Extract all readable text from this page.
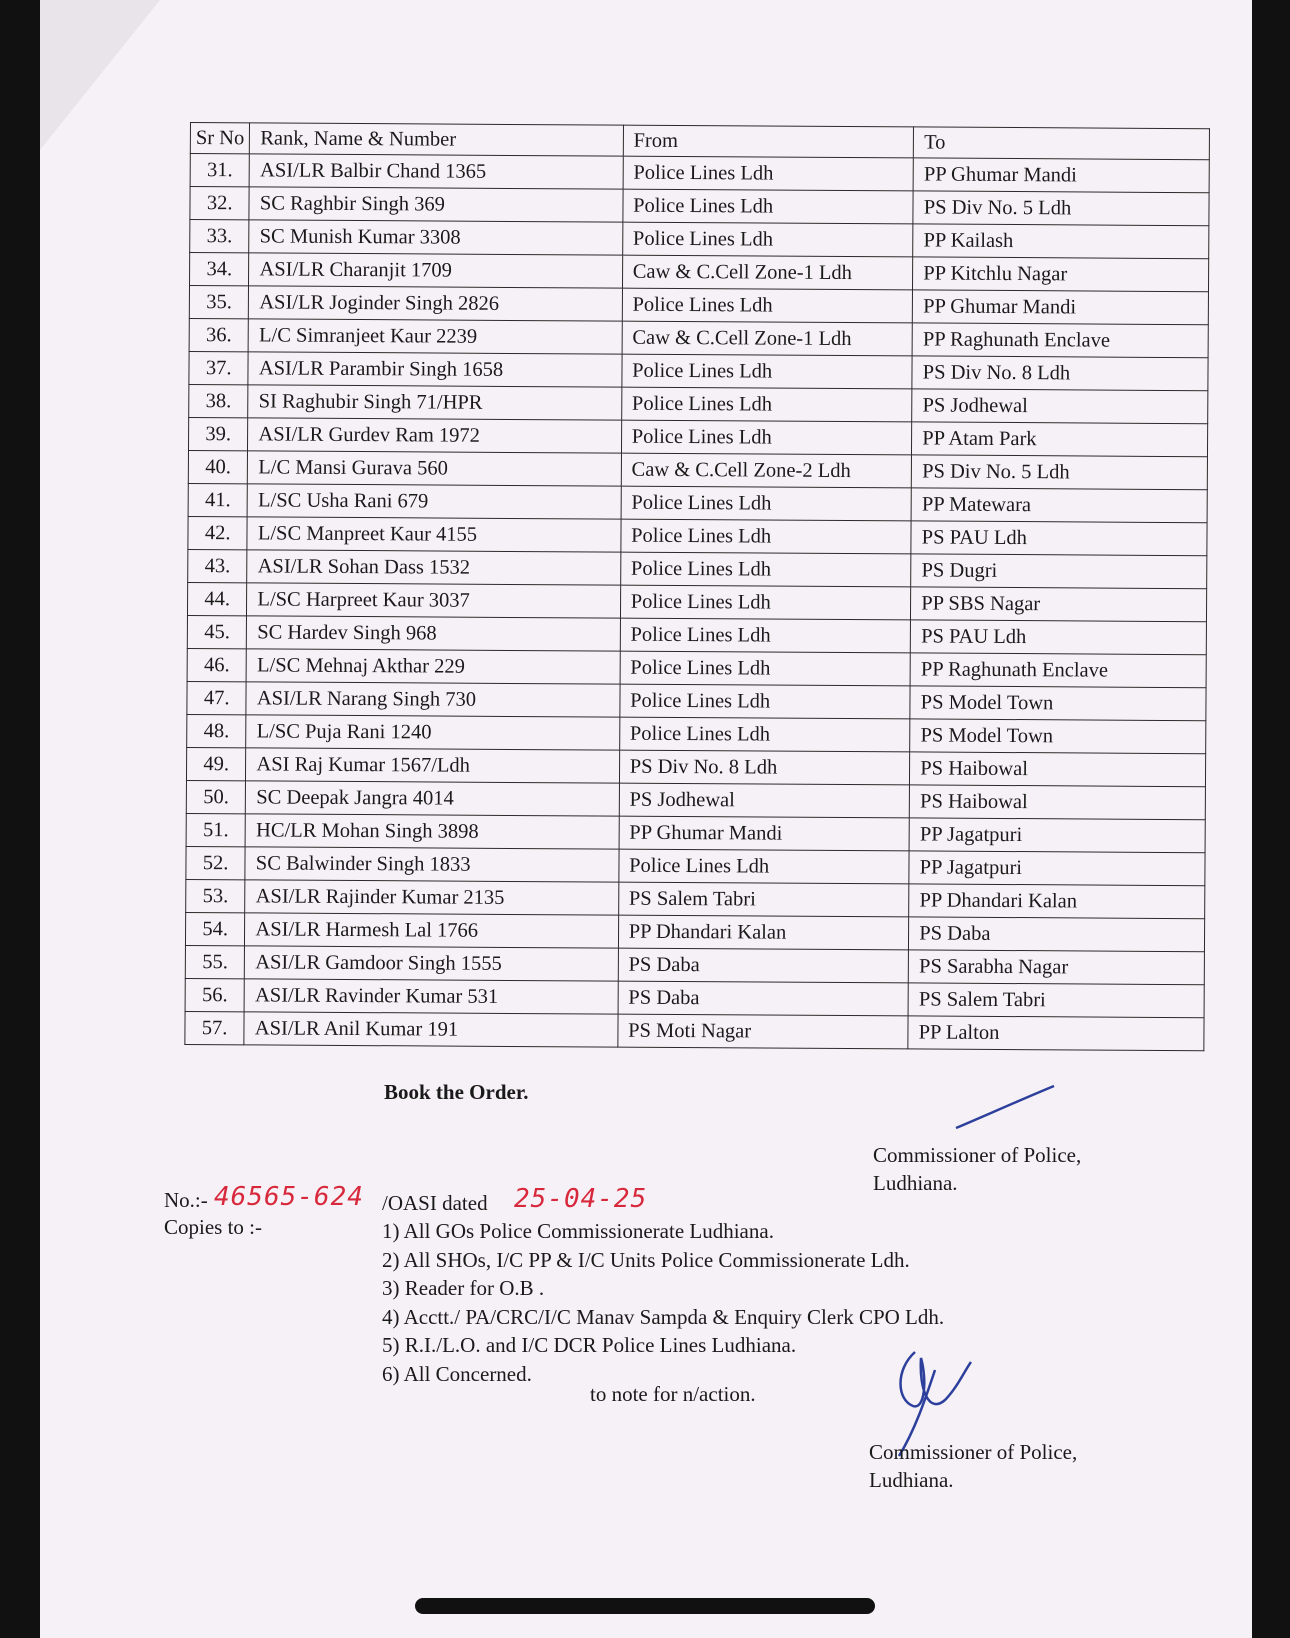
Sr No	Rank, Name & Number	From	To
31.	ASI/LR Balbir Chand 1365	Police Lines Ldh	PP Ghumar Mandi
32.	SC Raghbir Singh 369	Police Lines Ldh	PS Div No. 5 Ldh
33.	SC Munish Kumar 3308	Police Lines Ldh	PP Kailash
34.	ASI/LR Charanjit 1709	Caw & C.Cell Zone-1 Ldh	PP Kitchlu Nagar
35.	ASI/LR Joginder Singh 2826	Police Lines Ldh	PP Ghumar Mandi
36.	L/C Simranjeet Kaur 2239	Caw & C.Cell Zone-1 Ldh	PP Raghunath Enclave
37.	ASI/LR Parambir Singh 1658	Police Lines Ldh	PS Div No. 8 Ldh
38.	SI Raghubir Singh 71/HPR	Police Lines Ldh	PS Jodhewal
39.	ASI/LR Gurdev Ram 1972	Police Lines Ldh	PP Atam Park
40.	L/C Mansi Gurava 560	Caw & C.Cell Zone-2 Ldh	PS Div No. 5 Ldh
41.	L/SC Usha Rani 679	Police Lines Ldh	PP Matewara
42.	L/SC Manpreet Kaur 4155	Police Lines Ldh	PS PAU Ldh
43.	ASI/LR Sohan Dass 1532	Police Lines Ldh	PS Dugri
44.	L/SC Harpreet Kaur 3037	Police Lines Ldh	PP SBS Nagar
45.	SC Hardev Singh 968	Police Lines Ldh	PS PAU Ldh
46.	L/SC Mehnaj Akthar 229	Police Lines Ldh	PP Raghunath Enclave
47.	ASI/LR Narang Singh 730	Police Lines Ldh	PS Model Town
48.	L/SC Puja Rani 1240	Police Lines Ldh	PS Model Town
49.	ASI Raj Kumar 1567/Ldh	PS Div No. 8 Ldh	PS Haibowal
50.	SC Deepak Jangra 4014	PS Jodhewal	PS Haibowal
51.	HC/LR Mohan Singh 3898	PP Ghumar Mandi	PP Jagatpuri
52.	SC Balwinder Singh 1833	Police Lines Ldh	PP Jagatpuri
53.	ASI/LR Rajinder Kumar 2135	PS Salem Tabri	PP Dhandari Kalan
54.	ASI/LR Harmesh Lal 1766	PP Dhandari Kalan	PS Daba
55.	ASI/LR Gamdoor Singh 1555	PS Daba	PS Sarabha Nagar
56.	ASI/LR Ravinder Kumar 531	PS Daba	PS Salem Tabri
57.	ASI/LR Anil Kumar 191	PS Moti Nagar	PP Lalton
Book the Order.
Commissioner of Police,
Ludhiana.
No.:- 46565-624 /OASI dated 25-04-25
Copies to :-	1) All GOs Police Commissionerate Ludhiana.
2) All SHOs, I/C PP & I/C Units Police Commissionerate Ldh.
3) Reader for O.B .
4) Acctt./ PA/CRC/I/C Manav Sampda & Enquiry Clerk CPO Ldh.
5) R.I./L.O. and I/C DCR Police Lines Ludhiana.
6) All Concerned.
to note for n/action.
Commissioner of Police,
Ludhiana.
